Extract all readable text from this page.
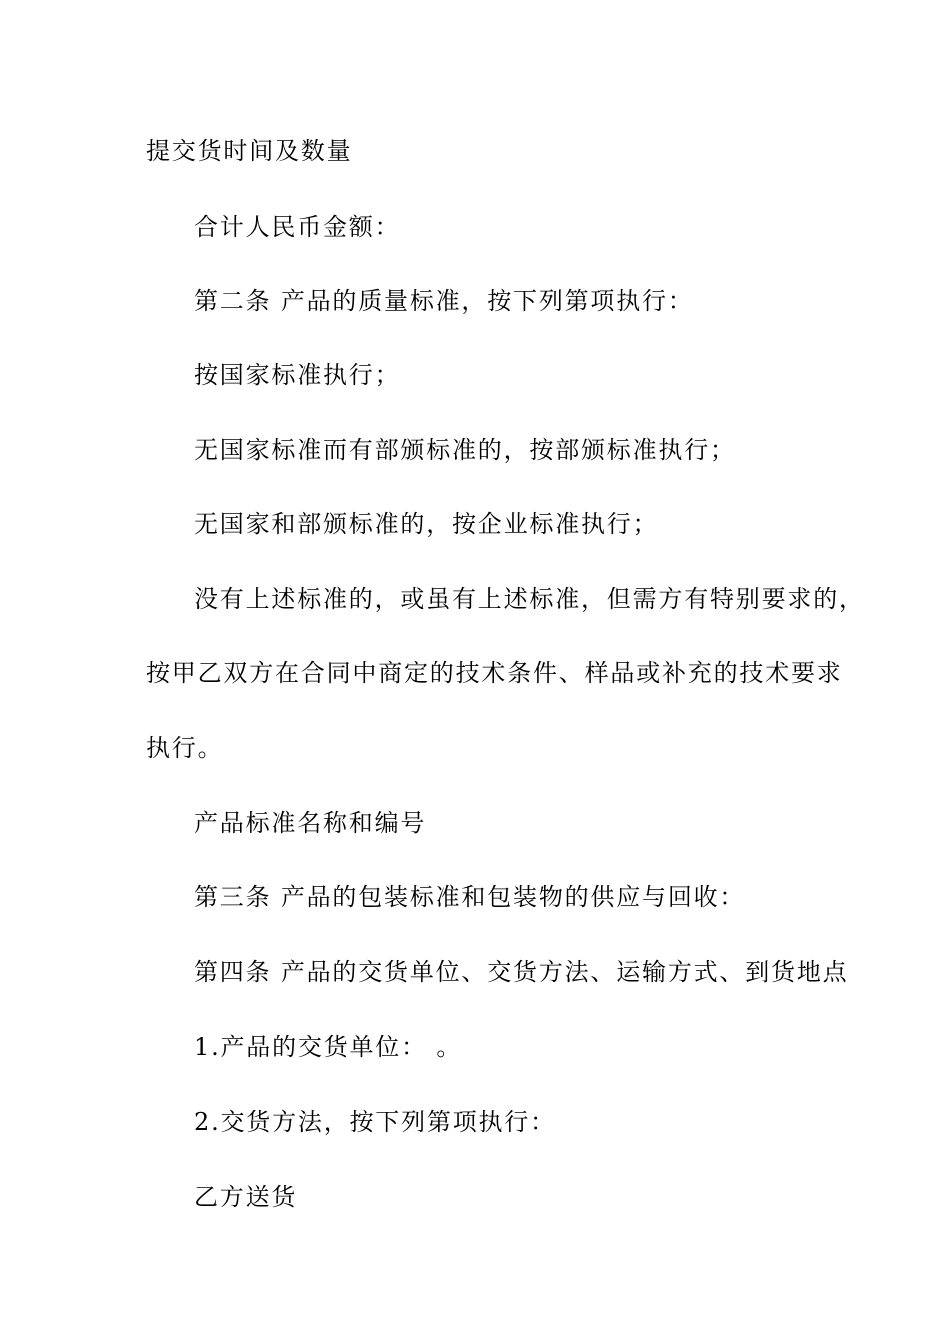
提交货时间及数量
合计人民币金额：
第二条 产品的质量标准，按下列第项执行：
按国家标准执行；
无国家标准而有部颁标准的，按部颁标准执行；
无国家和部颁标准的，按企业标准执行；
没有上述标准的，或虽有上述标准，但需方有特别要求的，
按甲乙双方在合同中商定的技术条件、样品或补充的技术要求
执行。
产品标准名称和编号
第三条 产品的包装标准和包装物的供应与回收：
第四条 产品的交货单位、交货方法、运输方式、到货地点
1.产品的交货单位： 。
2.交货方法，按下列第项执行：
乙方送货
